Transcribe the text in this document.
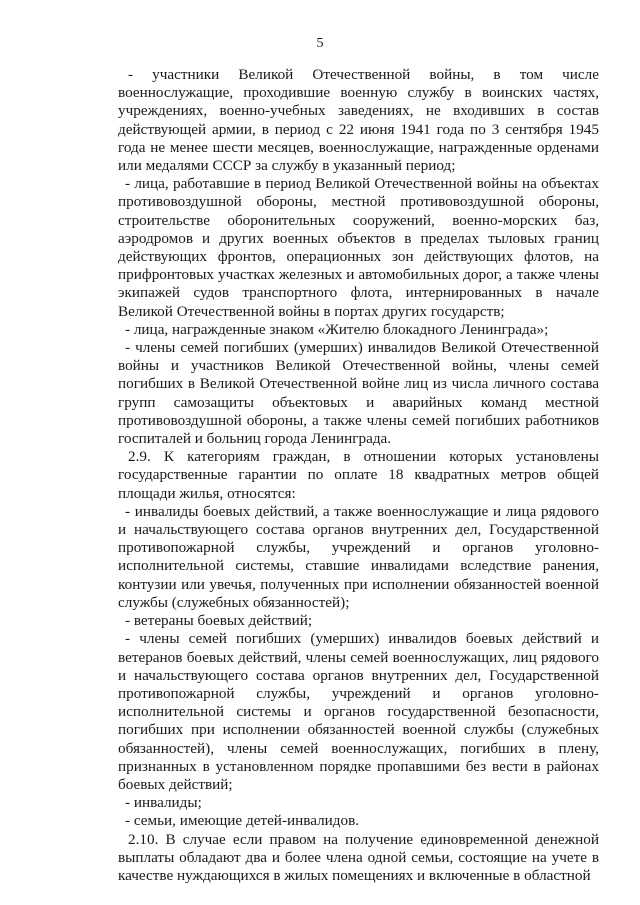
5

- участники Великой Отечественной войны, в том числе военнослужащие, проходившие военную службу в воинских частях, учреждениях, военно-учебных заведениях, не входивших в состав действующей армии, в период с 22 июня 1941 года по 3 сентября 1945 года не менее шести месяцев, военнослужащие, награжденные орденами или медалями СССР за службу в указанный период;

- лица, работавшие в период Великой Отечественной войны на объектах противовоздушной обороны, местной противовоздушной обороны, строительстве оборонительных сооружений, военно-морских баз, аэродромов и других военных объектов в пределах тыловых границ действующих фронтов, операционных зон действующих флотов, на прифронтовых участках железных и автомобильных дорог, а также члены экипажей судов транспортного флота, интернированных в начале Великой Отечественной войны в портах других государств;

- лица, награжденные знаком «Жителю блокадного Ленинграда»;

- члены семей погибших (умерших) инвалидов Великой Отечественной войны и участников Великой Отечественной войны, члены семей погибших в Великой Отечественной войне лиц из числа личного состава групп самозащиты объектовых и аварийных команд местной противовоздушной обороны, а также члены семей погибших работников госпиталей и больниц города Ленинграда.

2.9. К категориям граждан, в отношении которых установлены государственные гарантии по оплате 18 квадратных метров общей площади жилья, относятся:

- инвалиды боевых действий, а также военнослужащие и лица рядового и начальствующего состава органов внутренних дел, Государственной противопожарной службы, учреждений и органов уголовно-исполнительной системы, ставшие инвалидами вследствие ранения, контузии или увечья, полученных при исполнении обязанностей военной службы (служебных обязанностей);

- ветераны боевых действий;

- члены семей погибших (умерших) инвалидов боевых действий и ветеранов боевых действий, члены семей военнослужащих, лиц рядового и начальствующего состава органов внутренних дел, Государственной противопожарной службы, учреждений и органов уголовно-исполнительной системы и органов государственной безопасности, погибших при исполнении обязанностей военной службы (служебных обязанностей), члены семей военнослужащих, погибших в плену, признанных в установленном порядке пропавшими без вести в районах боевых действий;

- инвалиды;

- семьи, имеющие детей-инвалидов.

2.10. В случае если правом на получение единовременной денежной выплаты обладают два и более члена одной семьи, состоящие на учете в качестве нуждающихся в жилых помещениях и включенные в областной
